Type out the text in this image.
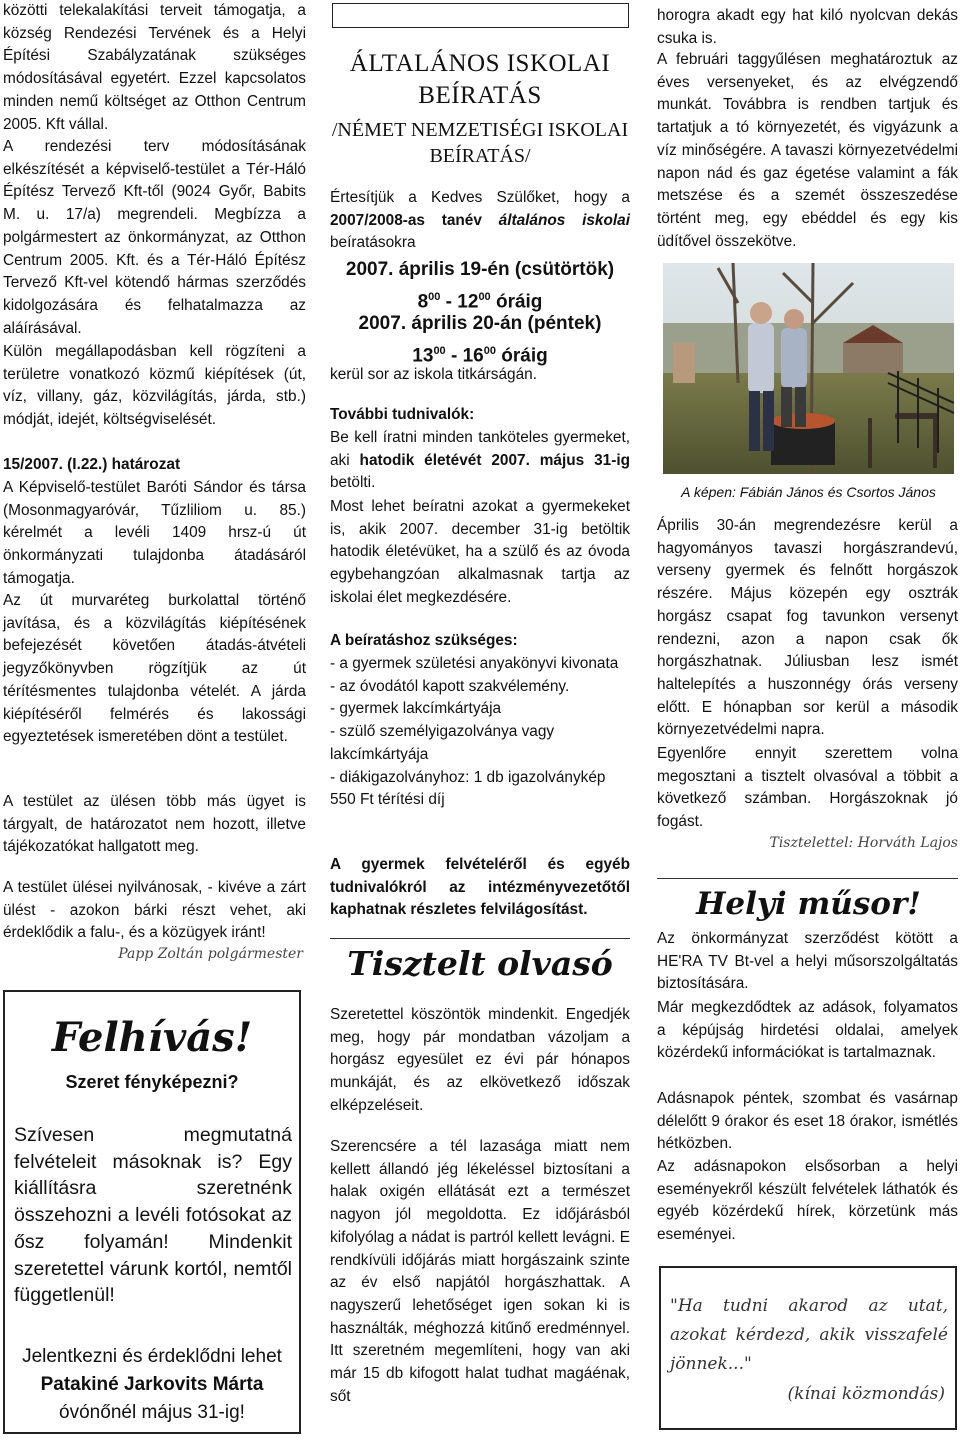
közötti telekalakítási terveit támogatja, a község Rendezési Tervének és a Helyi Építési Szabályzatának szükséges módosításával egyetért. Ezzel kapcsolatos minden nemű költséget az Otthon Centrum 2005. Kft vállal.

A rendezési terv módosításának elkészítését a képviselő-testület a Tér-Háló Építész Tervező Kft-től (9024 Győr, Babits M. u. 17/a) megrendeli. Megbízza a polgármestert az önkormányzat, az Otthon Centrum 2005. Kft. és a Tér-Háló Építész Tervező Kft-vel kötendő hármas szerződés kidolgozására és felhatalmazza az aláírásával.

Külön megállapodásban kell rögzíteni a területre vonatkozó közmű kiépítések (út, víz, villany, gáz, közvilágítás, járda, stb.) módját, idejét, költségviselését.

15/2007. (I.22.) határozat

A Képviselő-testület Baróti Sándor és társa (Mosonmagyaróvár, Tűzliliom u. 85.) kérelmét a levéli 1409 hrsz-ú út önkormányzati tulajdonba átadásáról támogatja.

Az út murvaréteg burkolattal történő javítása, és a közvilágítás kiépítésének befejezését követően átadás-átvételi jegyzőkönyvben rögzítjük az út térítésmentes tulajdonba vételét. A járda kiépítéséről felmérés és lakossági egyeztetések ismeretében dönt a testület.

A testület az ülésen több más ügyet is tárgyalt, de határozatot nem hozott, illetve tájékozatókat hallgatott meg.

A testület ülései nyilvánosak, - kivéve a zárt ülést - azokon bárki részt vehet, aki érdeklődik a falu-, és a közügyek iránt!

Papp Zoltán polgármester

Felhívás!
Szeret fényképezni?

Szívesen megmutatná felvételeit másoknak is? Egy kiállításra szeretnénk összehozni a levéli fotósokat az ősz folyamán! Mindenkit szeretettel várunk kortól, nemtől függetlenül!

Jelentkezni és érdeklődni lehet
Patakiné Jarkovits Márta
óvónőnél május 31-ig!
ÁLTALÁNOS ISKOLAI BEÍRATÁS
/NÉMET NEMZETISÉGI ISKOLAI BEÍRATÁS/

Értesítjük a Kedves Szülőket, hogy a 2007/2008-as tanév általános iskolai beíratásokra

2007. április 19-én (csütörtök)
$8^{00} - 12^{00}$ óráig
2007. április 20-án (péntek)
$13^{00} - 16^{00}$ óráig

kerül sor az iskola titkárságán.

További tudnivalók:

Be kell íratni minden tanköteles gyermeket, aki hatodik életévét 2007. május 31-ig betölti.

Most lehet beíratni azokat a gyermekeket is, akik 2007. december 31-ig betöltik hatodik életévüket, ha a szülő és az óvoda egybehangzóan alkalmasnak tartja az iskolai élet megkezdésére.

A beíratáshoz szükséges:

- a gyermek születési anyakönyvi kivonata

- az óvodától kapott szakvélemény.

- gyermek lakcímkártyája

- szülő személyigazolványa vagy lakcímkártyája

- diákigazolványhoz: 1 db igazolványkép 550 Ft térítési díj

A gyermek felvételéről és egyéb tudnivalókról az intézményvezetőtől kaphatnak részletes felvilágosítást.

Tisztelt olvasó

Szeretettel köszöntök mindenkit. Engedjék meg, hogy pár mondatban vázoljam a horgász egyesület ez évi pár hónapos munkáját, és az elkövetkező időszak elképzeléseit.

Szerencsére a tél lazasága miatt nem kellett állandó jég lékeléssel biztosítani a halak oxigén ellátását ezt a természet nagyon jól megoldotta. Ez időjárásból kifolyólag a nádat is partról kellett levágni. E rendkívüli időjárás miatt horgászaink szinte az év első napjától horgászhattak. A nagyszerű lehetőséget igen sokan ki is használták, méghozzá kitűnő eredménnyel. Itt szeretném megemlíteni, hogy van aki már 15 db kifogott halat tudhat magáénak, sőt

horogra akadt egy hat kiló nyolcvan dekás csuka is.

A februári taggyűlésen meghatároztuk az éves versenyeket, és az elvégzendő munkát. Továbbra is rendben tartjuk és tartatjuk a tó környezetét, és vigyázunk a víz minőségére. A tavaszi környezetvédelmi napon nád és gaz égetése valamint a fák metszése és a szemét összeszedése történt meg, egy ebéddel és egy kis üdítővel összekötve.

A képen: Fábián János és Csortos János

Április 30-án megrendezésre kerül a hagyományos tavaszi horgászrandevú, verseny gyermek és felnőtt horgászok részére. Május közepén egy osztrák horgász csapat fog tavunkon versenyt rendezni, azon a napon csak ők horgászhatnak. Júliusban lesz ismét haltelepítés a huszonnégy órás verseny előtt. E hónapban sor kerül a második környezetvédelmi napra.

Egyenlőre ennyit szerettem volna megosztani a tisztelt olvasóval a többit a következő számban. Horgászoknak jó fogást.

Tisztelettel: Horváth Lajos

Helyi műsor!

Az önkormányzat szerződést kötött a HE'RA TV Bt-vel a helyi műsorszolgáltatás biztosítására.

Már megkezdődtek az adások, folyamatos a képújság hirdetési oldalai, amelyek közérdekű információkat is tartalmaznak.

Adásnapok péntek, szombat és vasárnap délelőtt 9 órakor és eset 18 órakor, ismétlés hétközben.

Az adásnapokon elsősorban a helyi eseményekről készült felvételek láthatók és egyéb közérdekű hírek, körzetünk más eseményei.

"Ha tudni akarod az utat, azokat kérdezd, akik visszafelé jönnek..."

(kínai közmondás)
